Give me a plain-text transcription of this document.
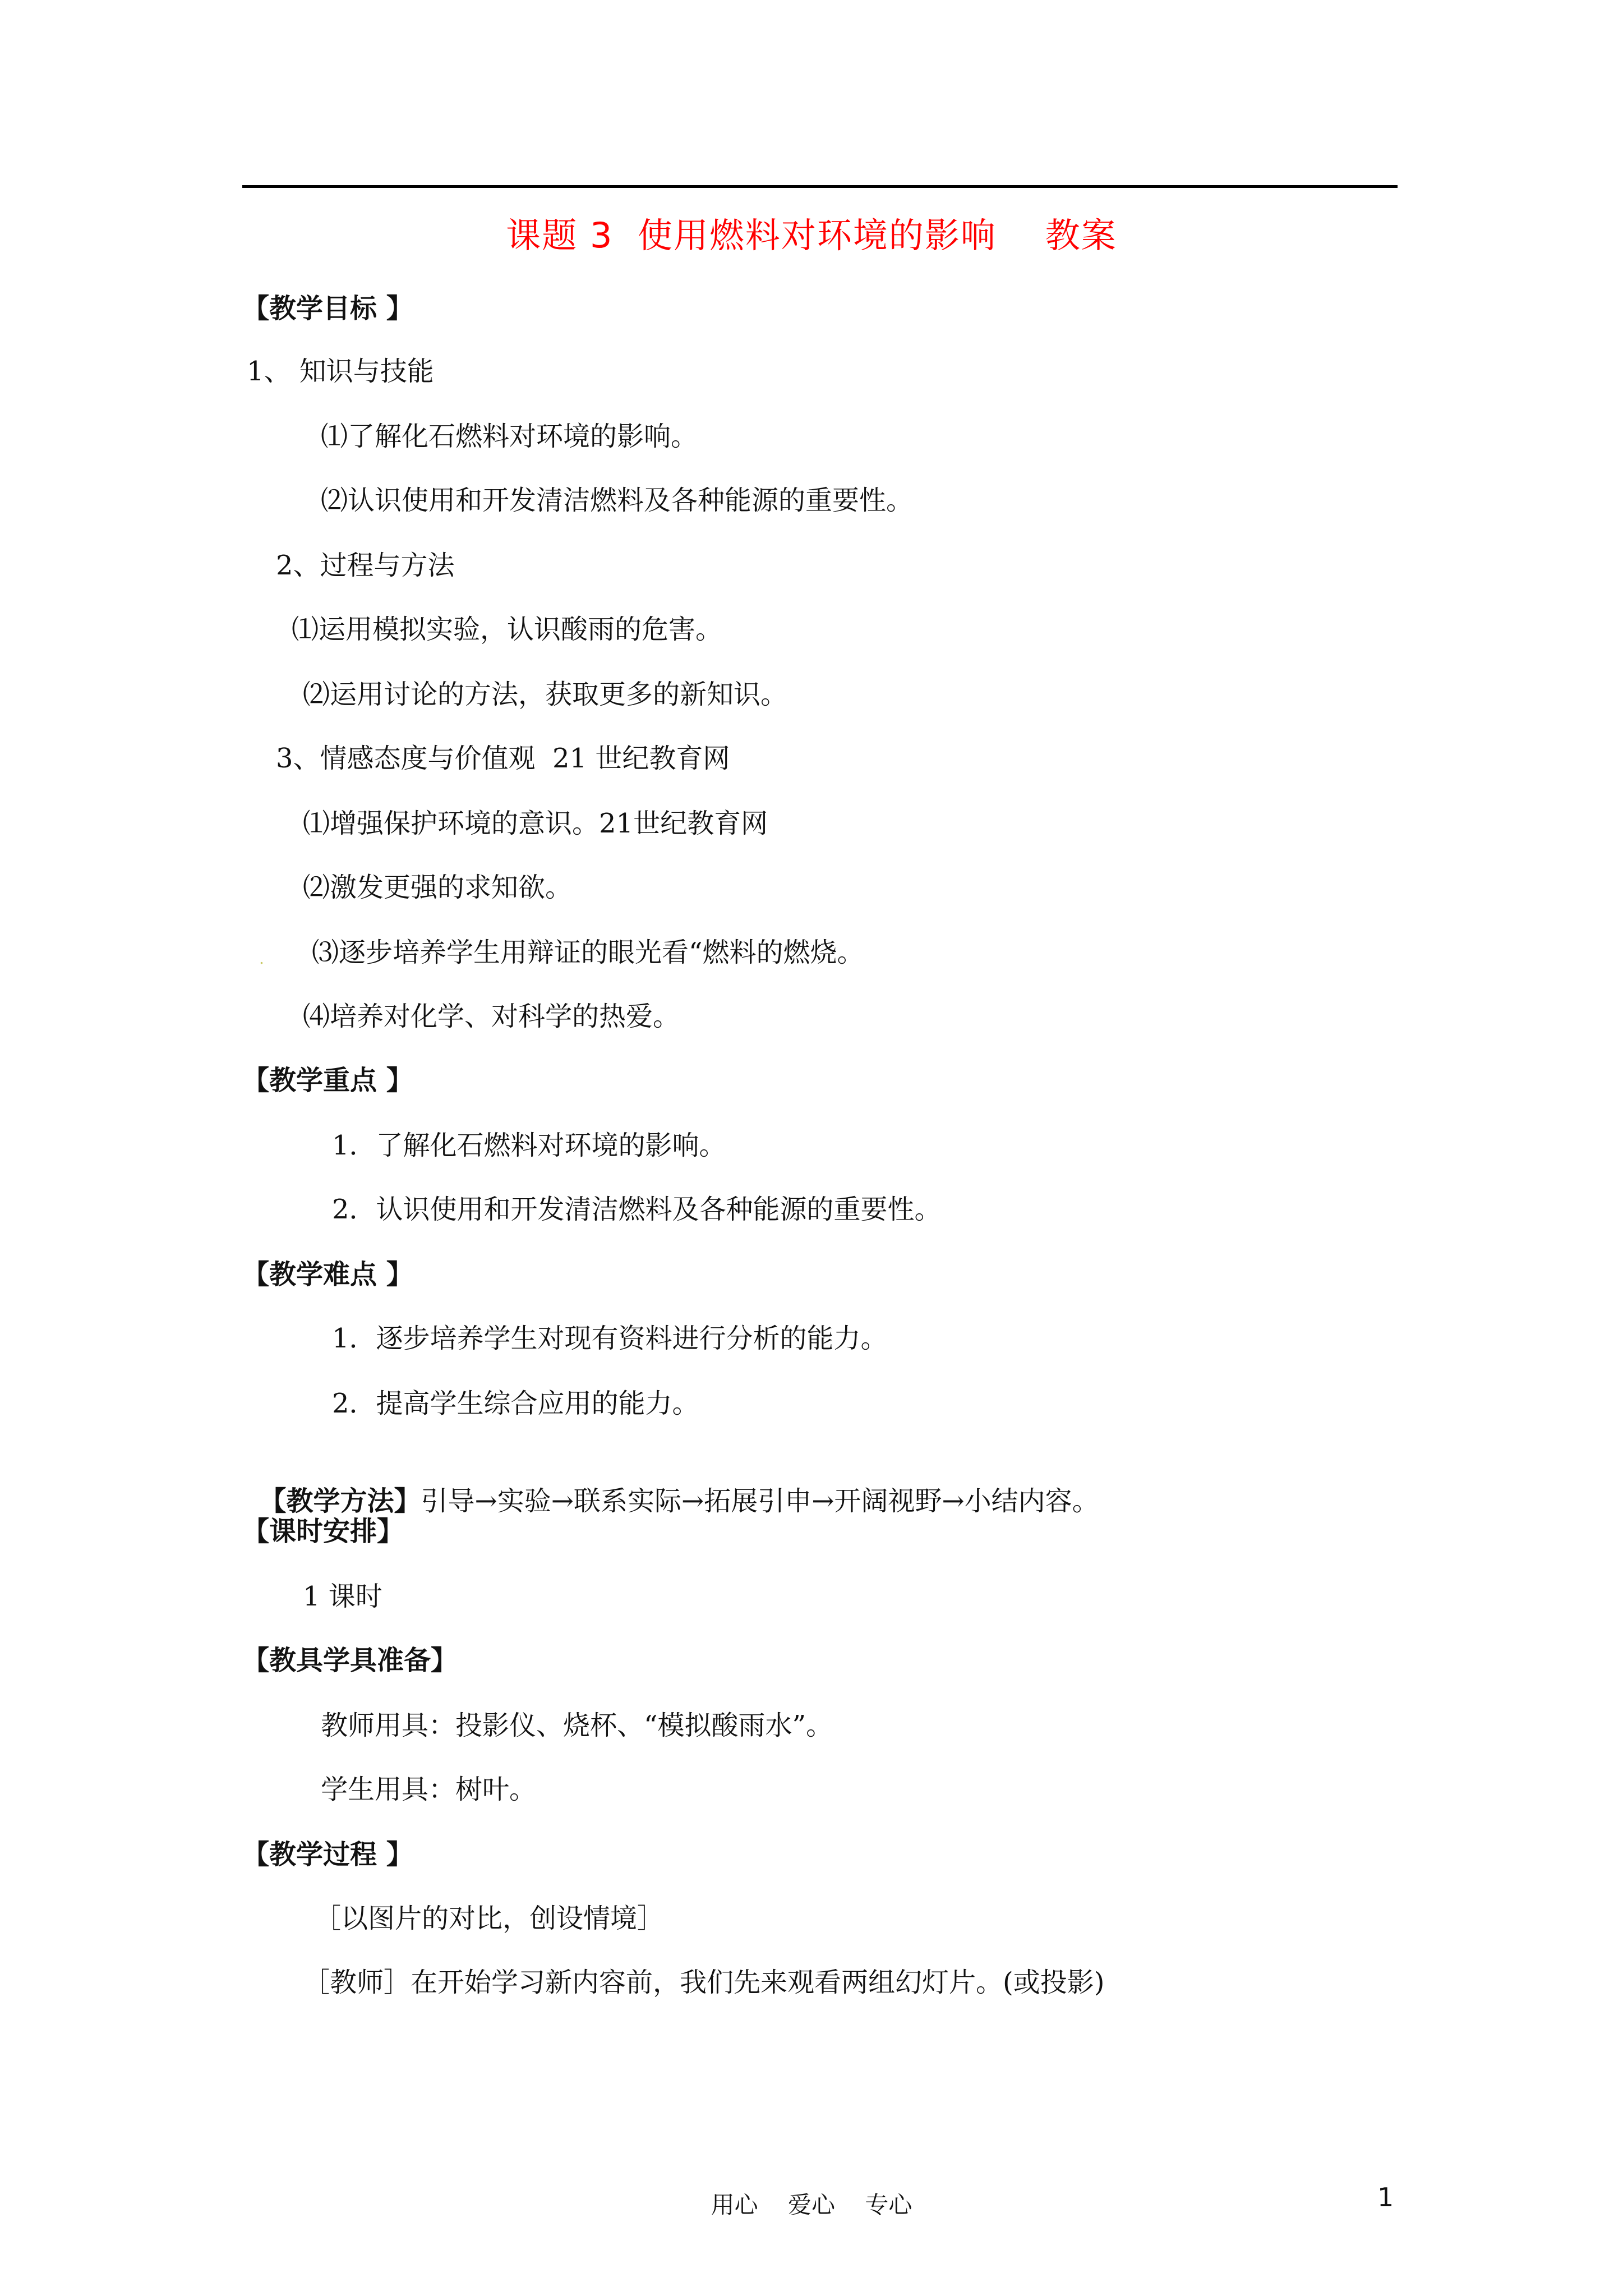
课题 3  使用燃料对环境的影响    教案
【教学目标 】
1、 知识与技能
⑴了解化石燃料对环境的影响。
⑵认识使用和开发清洁燃料及各种能源的重要性。
2、过程与方法
⑴运用模拟实验，认识酸雨的危害。
⑵运用讨论的方法，获取更多的新知识。
3、情感态度与价值观  21 世纪教育网
⑴增强保护环境的意识。21世纪教育网
⑵激发更强的求知欲。
. ⑶逐步培养学生用辩证的眼光看“燃料的燃烧。
⑷培养对化学、对科学的热爱。
【教学重点 】
1．了解化石燃料对环境的影响。
2．认识使用和开发清洁燃料及各种能源的重要性。
【教学难点 】
1．逐步培养学生对现有资料进行分析的能力。
2．提高学生综合应用的能力。

【教学方法】引导→实验→联系实际→拓展引申→开阔视野→小结内容。

【课时安排】
1 课时
【教具学具准备】
教师用具：投影仪、烧杯、“模拟酸雨水”。
学生用具：树叶。
【教学过程 】
［以图片的对比，创设情境］
［教师］在开始学习新内容前，我们先来观看两组幻灯片。(或投影)
用心    爱心    专心	1
